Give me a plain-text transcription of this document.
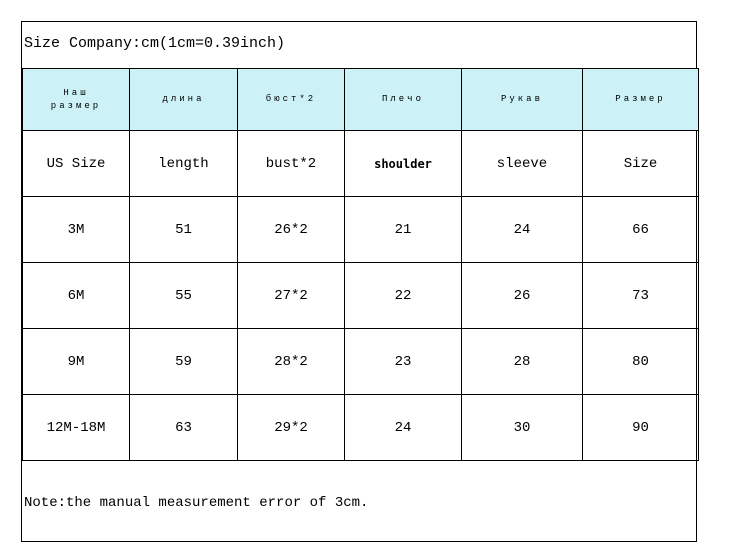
Size Company:cm(1cm=0.39inch)
Наш
размер	длина	бюст*2	Плечо	Рукав	Размер
US Size	length	bust*2	shoulder	sleeve	Size
3M	51	26*2	21	24	66
6M	55	27*2	22	26	73
9M	59	28*2	23	28	80
12M-18M	63	29*2	24	30	90
Note:the manual measurement error of 3cm.
